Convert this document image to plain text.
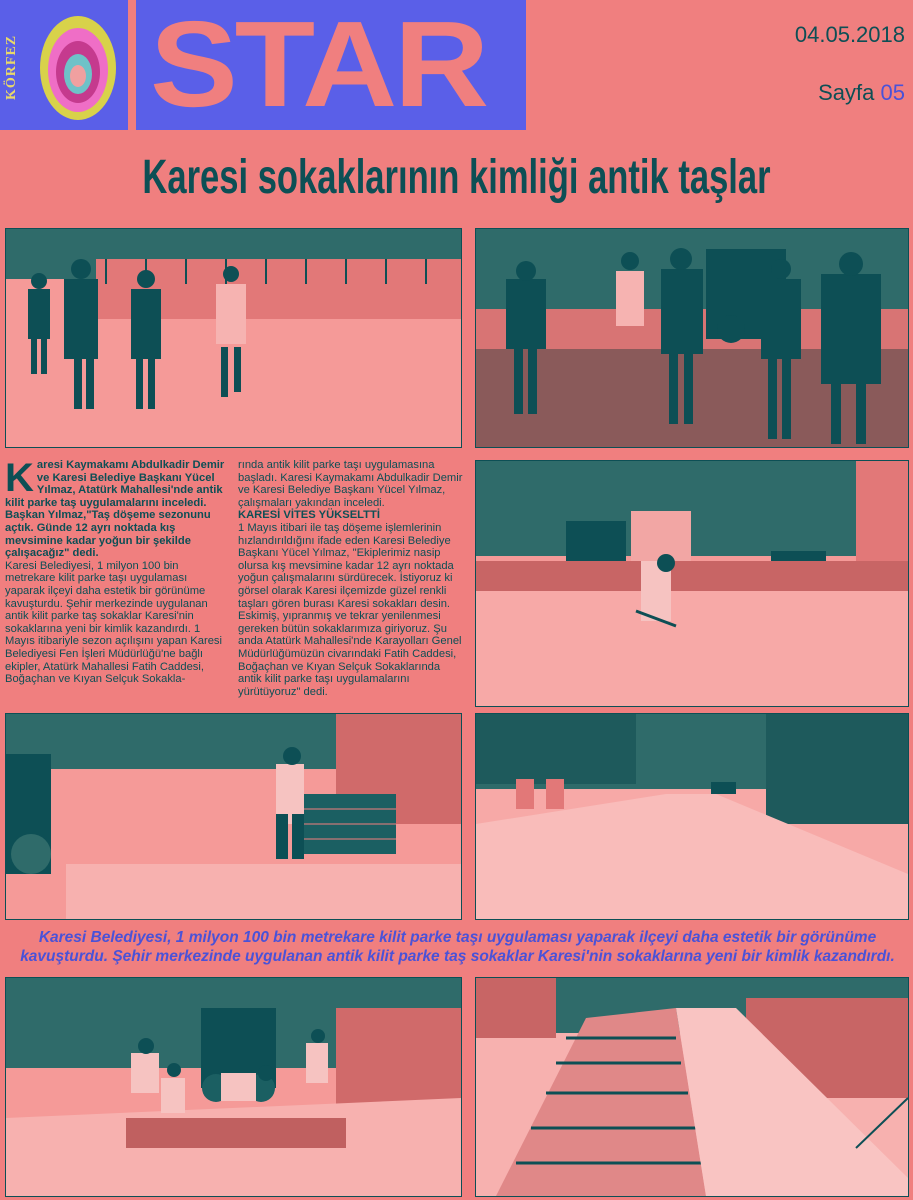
KÖRFEZ STAR	04.05.2018
Sayfa 05
Karesi sokaklarının kimliği antik taşlar

Karesi Kaymakamı Abdulkadir Demir ve Karesi Belediye Başkanı Yücel Yılmaz, Atatürk Mahallesi'nde antik kilit parke taş uygulamalarını inceledi. Başkan Yılmaz,"Taş döşeme sezonunu açtık. Günde 12 ayrı noktada kış mevsimine kadar yoğun bir şekilde çalışacağız" dedi.

Karesi Belediyesi, 1 milyon 100 bin metrekare kilit parke taşı uygulaması yaparak ilçeyi daha estetik bir görünüme kavuşturdu. Şehir merkezinde uygulanan antik kilit parke taş sokaklar Karesi'nin sokaklarına yeni bir kimlik kazandırdı. 1 Mayıs itibariyle sezon açılışını yapan Karesi Belediyesi Fen İşleri Müdürlüğü'ne bağlı ekipler, Atatürk Mahallesi Fatih Caddesi, Boğaçhan ve Kıyan Selçuk Sokakla-

rında antik kilit parke taşı uygulamasına başladı. Karesi Kaymakamı Abdulkadir Demir ve Karesi Belediye Başkanı Yücel Yılmaz, çalışmaları yakından inceledi.

KARESİ VİTES YÜKSELTTİ

1 Mayıs itibari ile taş döşeme işlemlerinin hızlandırıldığını ifade eden Karesi Belediye Başkanı Yücel Yılmaz, "Ekiplerimiz nasip olursa kış mevsimine kadar 12 ayrı noktada yoğun çalışmalarını sürdürecek. İstiyoruz ki görsel olarak Karesi ilçemizde güzel renkli taşları gören burası Karesi sokakları desin. Eskimiş, yıpranmış ve tekrar yenilenmesi gereken bütün sokaklarımıza giriyoruz. Şu anda Atatürk Mahallesi'nde Karayolları Genel Müdürlüğümüzün civarındaki Fatih Caddesi, Boğaçhan ve Kıyan Selçuk Sokaklarında antik kilit parke taşı uygulamalarını yürütüyoruz" dedi.

Karesi Belediyesi, 1 milyon 100 bin metrekare kilit parke taşı uygulaması yaparak ilçeyi daha estetik bir görünüme kavuşturdu. Şehir merkezinde uygulanan antik kilit parke taş sokaklar Karesi'nin sokaklarına yeni bir kimlik kazandırdı.
